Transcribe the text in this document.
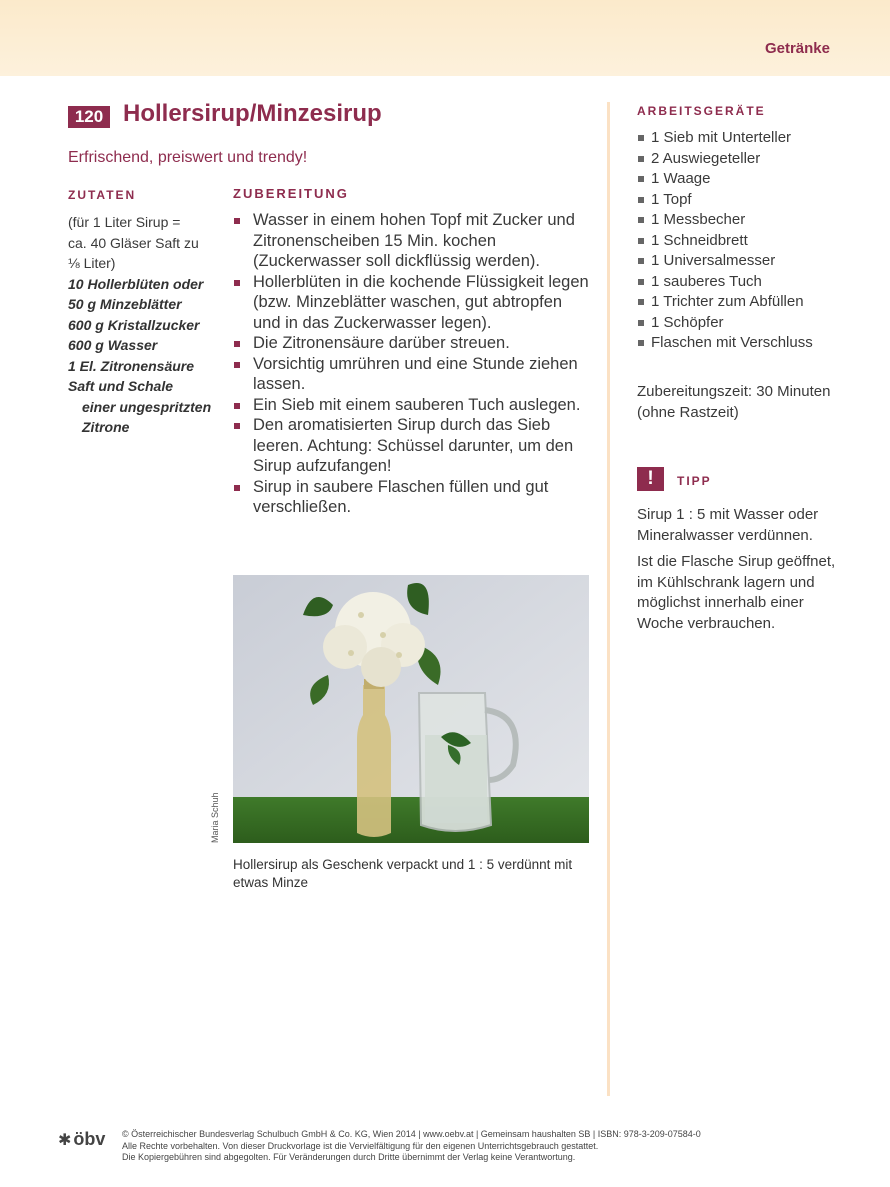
Getränke
120 Hollersirup/Minzesirup
Erfrischend, preiswert und trendy!
ZUTATEN
(für 1 Liter Sirup =
ca. 40 Gläser Saft zu
⅛ Liter)
10 Hollerblüten oder
50 g Minzeblätter
600 g Kristallzucker
600 g Wasser
1 El. Zitronensäure
Saft und Schale
einer ungespritzten
Zitrone
ZUBEREITUNG
Wasser in einem hohen Topf mit Zucker und Zitronenscheiben 15 Min. kochen (Zuckerwasser soll dickflüssig werden).
Hollerblüten in die kochende Flüssigkeit legen (bzw. Minzeblätter waschen, gut abtropfen und in das Zuckerwasser legen).
Die Zitronensäure darüber streuen.
Vorsichtig umrühren und eine Stunde ziehen lassen.
Ein Sieb mit einem sauberen Tuch auslegen.
Den aromatisierten Sirup durch das Sieb leeren. Achtung: Schüssel darunter, um den Sirup aufzufangen!
Sirup in saubere Flaschen füllen und gut verschließen.
Maria Schuh
Hollersirup als Geschenk verpackt und 1 : 5 verdünnt mit etwas Minze
ARBEITSGERÄTE
1 Sieb mit Unterteller
2 Auswiegeteller
1 Waage
1 Topf
1 Messbecher
1 Schneidbrett
1 Universalmesser
1 sauberes Tuch
1 Trichter zum Abfüllen
1 Schöpfer
Flaschen mit Verschluss
Zubereitungszeit: 30 Minuten (ohne Rastzeit)
!	TIPP

Sirup 1 : 5 mit Wasser oder Mineralwasser verdünnen.

Ist die Flasche Sirup geöffnet, im Kühlschrank lagern und möglichst innerhalb einer Woche verbrauchen.

✱ öbv © Österreichischer Bundesverlag Schulbuch GmbH & Co. KG, Wien 2014 | www.oebv.at | Gemeinsam haushalten SB | ISBN: 978-3-209-07584-0
Alle Rechte vorbehalten. Von dieser Druckvorlage ist die Vervielfältigung für den eigenen Unterrichtsgebrauch gestattet.
Die Kopiergebühren sind abgegolten. Für Veränderungen durch Dritte übernimmt der Verlag keine Verantwortung.
